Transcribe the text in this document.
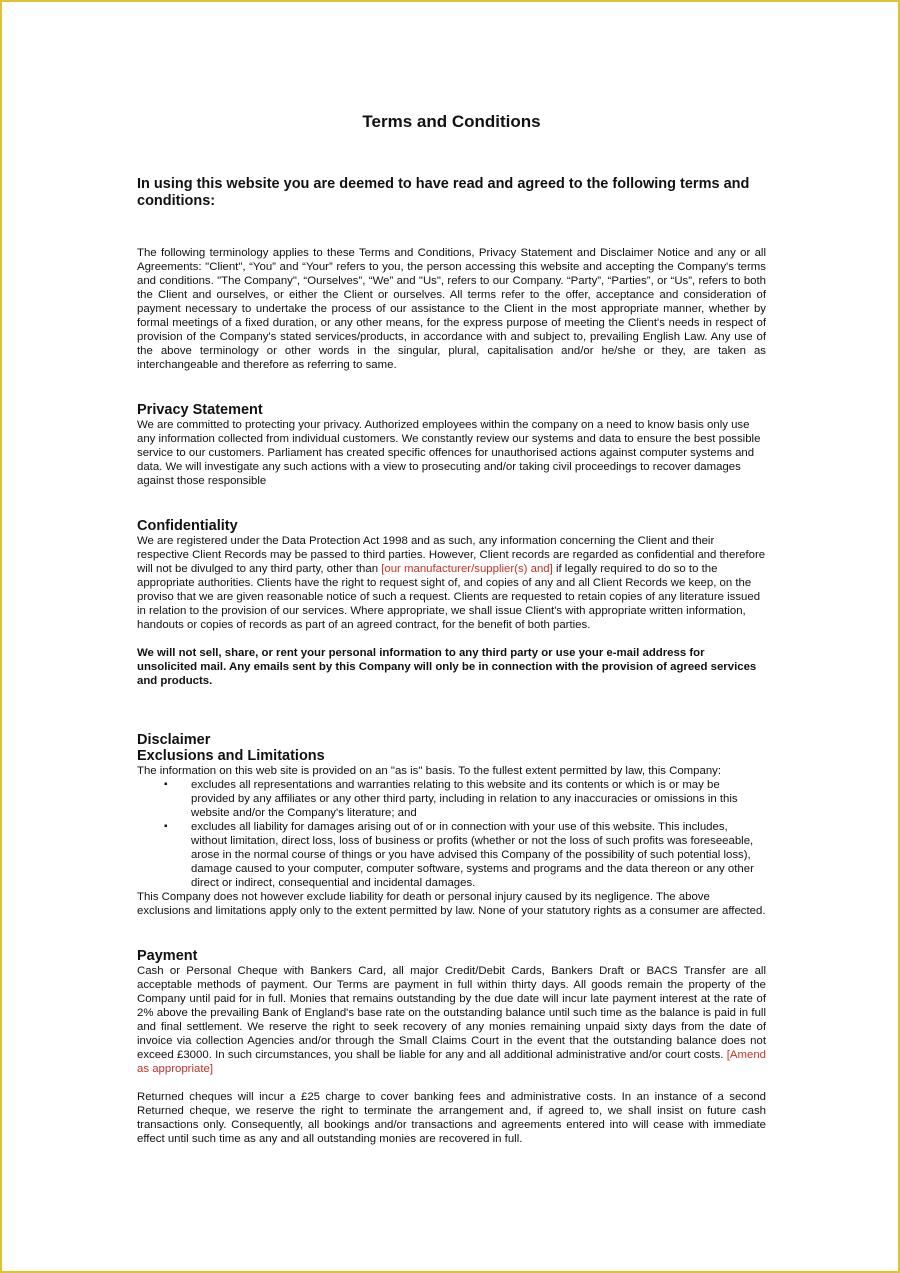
Terms and Conditions
In using this website you are deemed to have read and agreed to the following terms and conditions:

The following terminology applies to these Terms and Conditions, Privacy Statement and Disclaimer Notice and any or all Agreements: "Client", “You” and “Your” refers to you, the person accessing this website and accepting the Company's terms and conditions. "The Company", “Ourselves”, “We” and "Us", refers to our Company. “Party”, “Parties”, or “Us”, refers to both the Client and ourselves, or either the Client or ourselves. All terms refer to the offer, acceptance and consideration of payment necessary to undertake the process of our assistance to the Client in the most appropriate manner, whether by formal meetings of a fixed duration, or any other means, for the express purpose of meeting the Client's needs in respect of provision of the Company's stated services/products, in accordance with and subject to, prevailing English Law. Any use of the above terminology or other words in the singular, plural, capitalisation and/or he/she or they, are taken as interchangeable and therefore as referring to same.

Privacy Statement

We are committed to protecting your privacy. Authorized employees within the company on a need to know basis only use any information collected from individual customers. We constantly review our systems and data to ensure the best possible service to our customers. Parliament has created specific offences for unauthorised actions against computer systems and data. We will investigate any such actions with a view to prosecuting and/or taking civil proceedings to recover damages against those responsible

Confidentiality

We are registered under the Data Protection Act 1998 and as such, any information concerning the Client and their respective Client Records may be passed to third parties. However, Client records are regarded as confidential and therefore will not be divulged to any third party, other than [our manufacturer/supplier(s) and] if legally required to do so to the appropriate authorities. Clients have the right to request sight of, and copies of any and all Client Records we keep, on the proviso that we are given reasonable notice of such a request. Clients are requested to retain copies of any literature issued in relation to the provision of our services. Where appropriate, we shall issue Client's with appropriate written information, handouts or copies of records as part of an agreed contract, for the benefit of both parties.

We will not sell, share, or rent your personal information to any third party or use your e-mail address for unsolicited mail. Any emails sent by this Company will only be in connection with the provision of agreed services and products.

Disclaimer
Exclusions and Limitations

The information on this web site is provided on an "as is" basis. To the fullest extent permitted by law, this Company:

▪ excludes all representations and warranties relating to this website and its contents or which is or may be provided by any affiliates or any other third party, including in relation to any inaccuracies or omissions in this website and/or the Company's literature; and
▪ excludes all liability for damages arising out of or in connection with your use of this website. This includes, without limitation, direct loss, loss of business or profits (whether or not the loss of such profits was foreseeable, arose in the normal course of things or you have advised this Company of the possibility of such potential loss), damage caused to your computer, computer software, systems and programs and the data thereon or any other direct or indirect, consequential and incidental damages.

This Company does not however exclude liability for death or personal injury caused by its negligence. The above exclusions and limitations apply only to the extent permitted by law. None of your statutory rights as a consumer are affected.

Payment

Cash or Personal Cheque with Bankers Card, all major Credit/Debit Cards, Bankers Draft or BACS Transfer are all acceptable methods of payment. Our Terms are payment in full within thirty days. All goods remain the property of the Company until paid for in full. Monies that remains outstanding by the due date will incur late payment interest at the rate of 2% above the prevailing Bank of England's base rate on the outstanding balance until such time as the balance is paid in full and final settlement. We reserve the right to seek recovery of any monies remaining unpaid sixty days from the date of invoice via collection Agencies and/or through the Small Claims Court in the event that the outstanding balance does not exceed £3000. In such circumstances, you shall be liable for any and all additional administrative and/or court costs. [Amend as appropriate]

Returned cheques will incur a £25 charge to cover banking fees and administrative costs. In an instance of a second Returned cheque, we reserve the right to terminate the arrangement and, if agreed to, we shall insist on future cash transactions only. Consequently, all bookings and/or transactions and agreements entered into will cease with immediate effect until such time as any and all outstanding monies are recovered in full.
